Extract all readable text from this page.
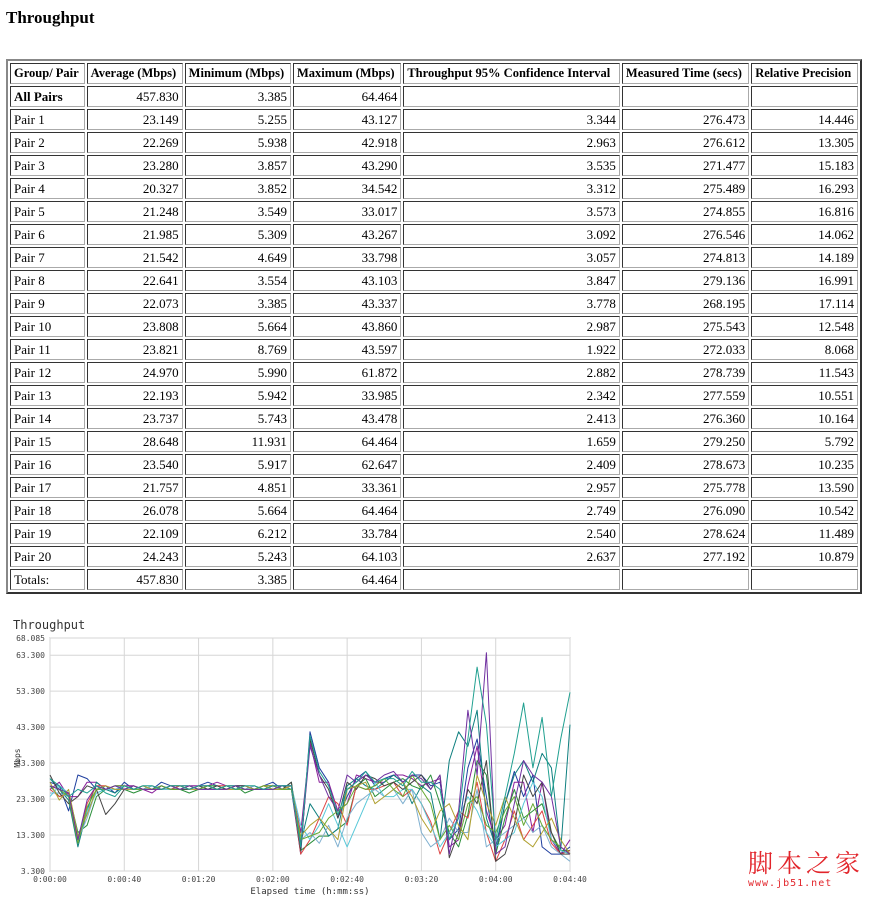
Throughput
Group/ Pair	Average (Mbps)	Minimum (Mbps)	Maximum (Mbps)	Throughput 95% Confidence Interval	Measured Time (secs)	Relative Precision
All Pairs	457.830	3.385	64.464			
Pair 1	23.149	5.255	43.127	3.344	276.473	14.446
Pair 2	22.269	5.938	42.918	2.963	276.612	13.305
Pair 3	23.280	3.857	43.290	3.535	271.477	15.183
Pair 4	20.327	3.852	34.542	3.312	275.489	16.293
Pair 5	21.248	3.549	33.017	3.573	274.855	16.816
Pair 6	21.985	5.309	43.267	3.092	276.546	14.062
Pair 7	21.542	4.649	33.798	3.057	274.813	14.189
Pair 8	22.641	3.554	43.103	3.847	279.136	16.991
Pair 9	22.073	3.385	43.337	3.778	268.195	17.114
Pair 10	23.808	5.664	43.860	2.987	275.543	12.548
Pair 11	23.821	8.769	43.597	1.922	272.033	8.068
Pair 12	24.970	5.990	61.872	2.882	278.739	11.543
Pair 13	22.193	5.942	33.985	2.342	277.559	10.551
Pair 14	23.737	5.743	43.478	2.413	276.360	10.164
Pair 15	28.648	11.931	64.464	1.659	279.250	5.792
Pair 16	23.540	5.917	62.647	2.409	278.673	10.235
Pair 17	21.757	4.851	33.361	2.957	275.778	13.590
Pair 18	26.078	5.664	64.464	2.749	276.090	10.542
Pair 19	22.109	6.212	33.784	2.540	278.624	11.489
Pair 20	24.243	5.243	64.103	2.637	277.192	10.879
Totals:	457.830	3.385	64.464			
Throughput
3.300
13.300
23.300
33.300
43.300
53.300
63.300
68.085
0:00:00	0:00:40	0:01:20	0:02:00	0:02:40	0:03:20	0:04:00	0:04:40
Mbps
Elapsed time (h:mm:ss)
脚本之家
www.jb51.net
